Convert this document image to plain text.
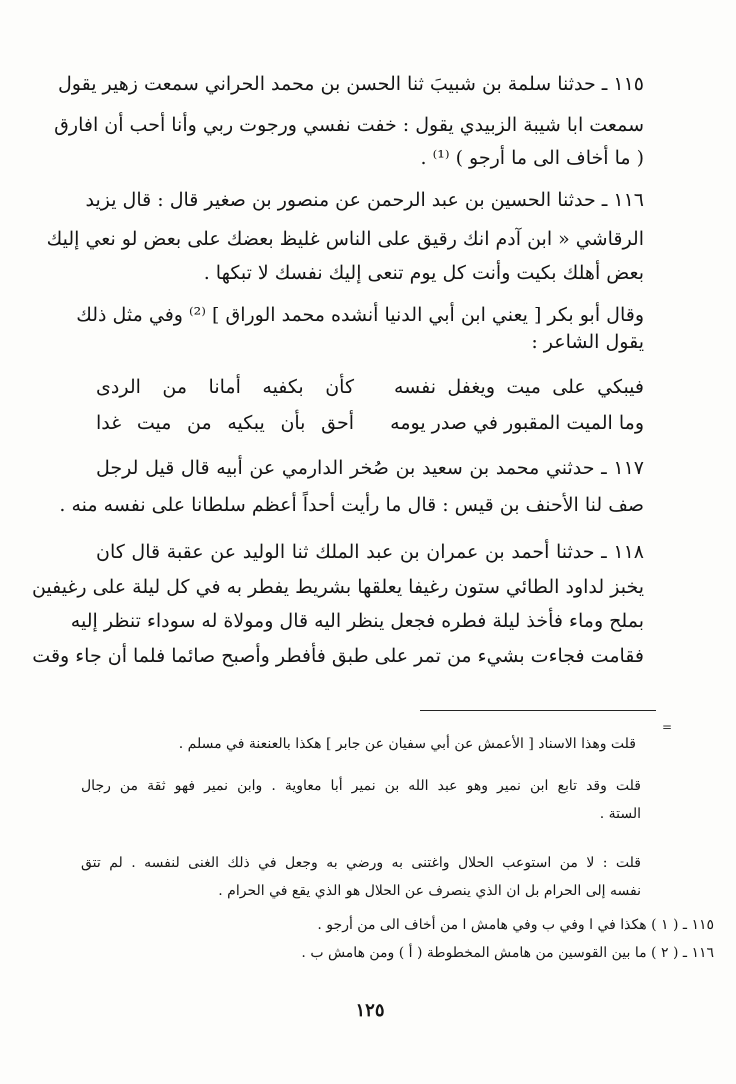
١١٥ ـ حدثنا سلمة بن شبيبَ ثنا الحسن بن محمد الحراني سمعت زهير يقول
سمعت ابا شيبة الزبيدي يقول : خفت نفسي ورجوت ربي وأنا أحب أن افارق
( ما أخاف الى ما أرجو ) ⁽¹⁾ .
١١٦ ـ حدثنا الحسين بن عبد الرحمن عن منصور بن صغير قال : قال يزيد
الرقاشي « ابن آدم انك رقيق على الناس غليظ بعضك على بعض لو نعي إليك
بعض أهلك بكيت وأنت كل يوم تنعى إليك نفسك لا تبكها .
وقال أبو بكر [ يعني ابن أبي الدنيا أنشده محمد الوراق ] ⁽²⁾ وفي مثل ذلك
يقول الشاعر :
فيبكي على ميت ويغفل نفسه
كأن بكفيه أمانا من الردى
وما الميت المقبور في صدر يومه
أحق بأن يبكيه من ميت غدا
١١٧ ـ حدثني محمد بن سعيد بن صُخر الدارمي عن أبيه قال قيل لرجل
صف لنا الأحنف بن قيس : قال ما رأيت أحداً أعظم سلطانا على نفسه منه .
١١٨ ـ حدثنا أحمد بن عمران بن عبد الملك ثنا الوليد عن عقبة قال كان
يخبز لداود الطائي ستون رغيفا يعلقها بشريط يفطر به في كل ليلة على رغيفين
بملح وماء فأخذ ليلة فطره فجعل ينظر اليه قال ومولاة له سوداء تنظر إليه
فقامت فجاءت بشيء من تمر على طبق فأفطر وأصبح صائما فلما أن جاء وقت
=
قلت وهذا الاسناد [ الأعمش عن أبي سفيان عن جابر ] هكذا بالعنعنة في مسلم .
قلت وقد تابع ابن نمير وهو عبد الله بن نمير أبا معاوية . وابن نمير فهو ثقة من رجال
الستة .
قلت : لا من استوعب الحلال واغتنى به ورضي به وجعل في ذلك الغنى لنفسه . لم تتق
نفسه إلى الحرام بل ان الذي ينصرف عن الحلال هو الذي يقع في الحرام .
١١٥ ـ ( ١ ) هكذا في ا وفي ب وفي هامش ا من أخاف الى من أرجو .
١١٦ ـ ( ٢ ) ما بين القوسين من هامش المخطوطة ( أ ) ومن هامش ب .
١٢٥
